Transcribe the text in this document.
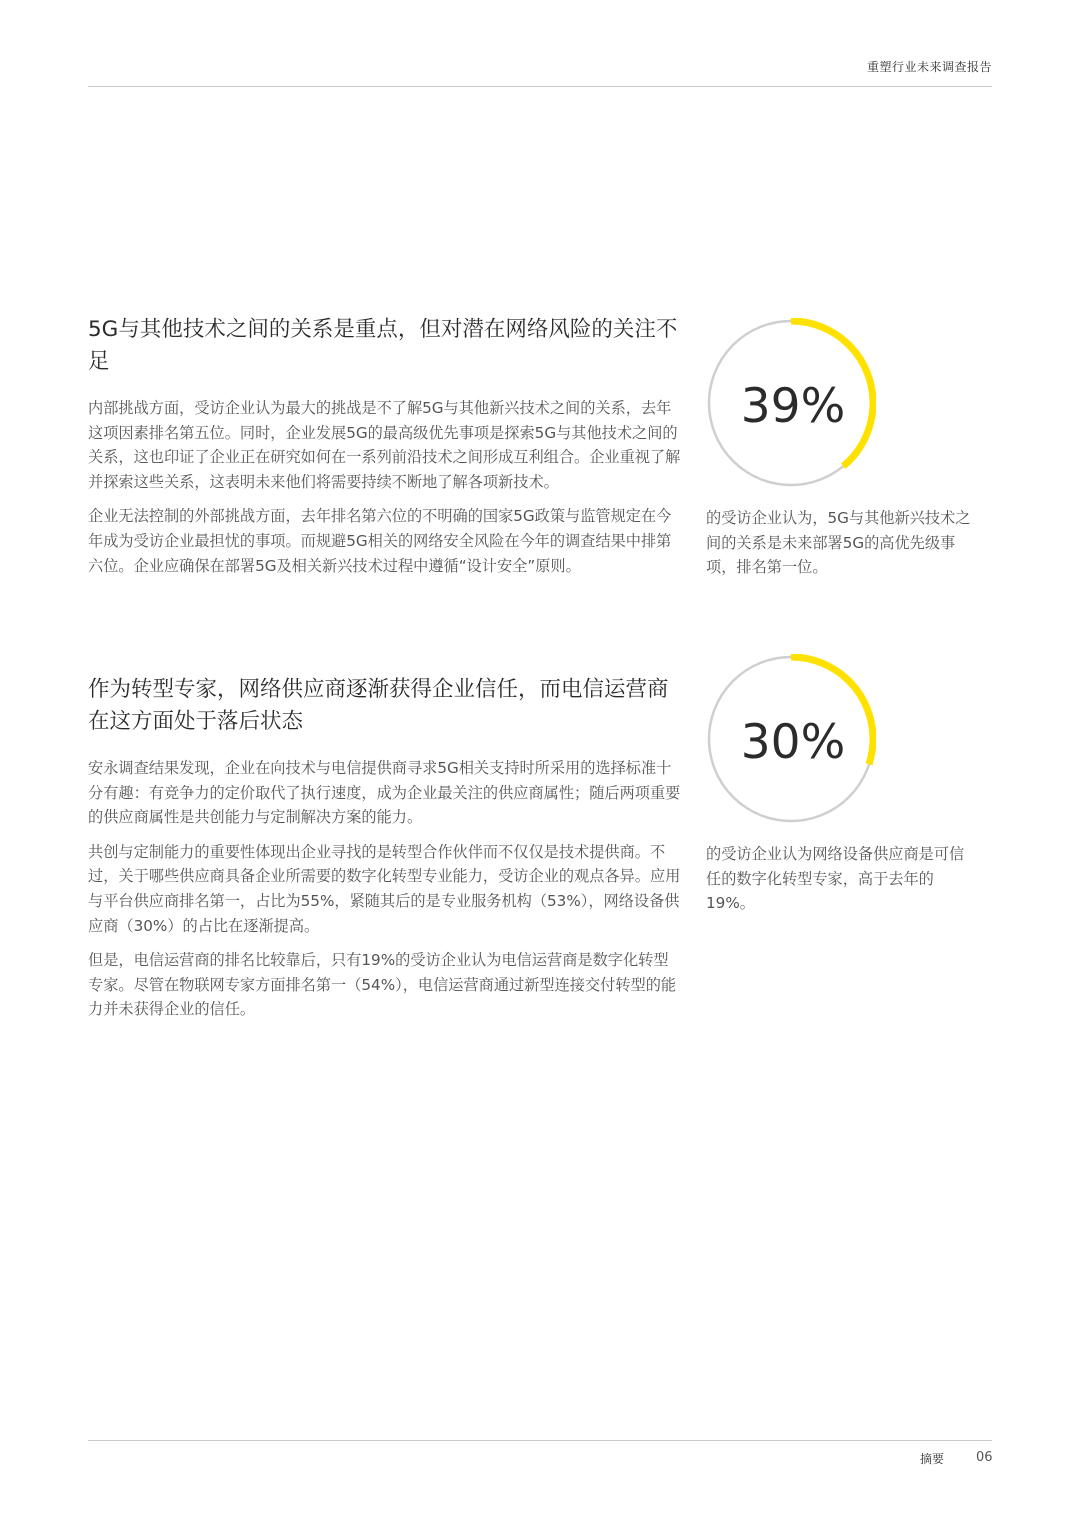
重塑行业未来调查报告
5G与其他技术之间的关系是重点，但对潜在网络风险的关注不足

内部挑战方面，受访企业认为最大的挑战是不了解5G与其他新兴技术之间的关系，去年这项因素排名第五位。同时，企业发展5G的最高级优先事项是探索5G与其他技术之间的关系，这也印证了企业正在研究如何在一系列前沿技术之间形成互利组合。企业重视了解并探索这些关系，这表明未来他们将需要持续不断地了解各项新技术。

企业无法控制的外部挑战方面，去年排名第六位的不明确的国家5G政策与监管规定在今年成为受访企业最担忧的事项。而规避5G相关的网络安全风险在今年的调查结果中排第六位。企业应确保在部署5G及相关新兴技术过程中遵循“设计安全”原则。

39%
的受访企业认为，5G与其他新兴技术之间的关系是未来部署5G的高优先级事项，排名第一位。
作为转型专家，网络供应商逐渐获得企业信任，而电信运营商在这方面处于落后状态

安永调查结果发现，企业在向技术与电信提供商寻求5G相关支持时所采用的选择标准十分有趣：有竞争力的定价取代了执行速度，成为企业最关注的供应商属性；随后两项重要的供应商属性是共创能力与定制解决方案的能力。

共创与定制能力的重要性体现出企业寻找的是转型合作伙伴而不仅仅是技术提供商。不过，关于哪些供应商具备企业所需要的数字化转型专业能力，受访企业的观点各异。应用与平台供应商排名第一，占比为55%，紧随其后的是专业服务机构（53%），网络设备供应商（30%）的占比在逐渐提高。

但是，电信运营商的排名比较靠后，只有19%的受访企业认为电信运营商是数字化转型专家。尽管在物联网专家方面排名第一（54%），电信运营商通过新型连接交付转型的能力并未获得企业的信任。

30%
的受访企业认为网络设备供应商是可信任的数字化转型专家，高于去年的19%。
摘要 06
